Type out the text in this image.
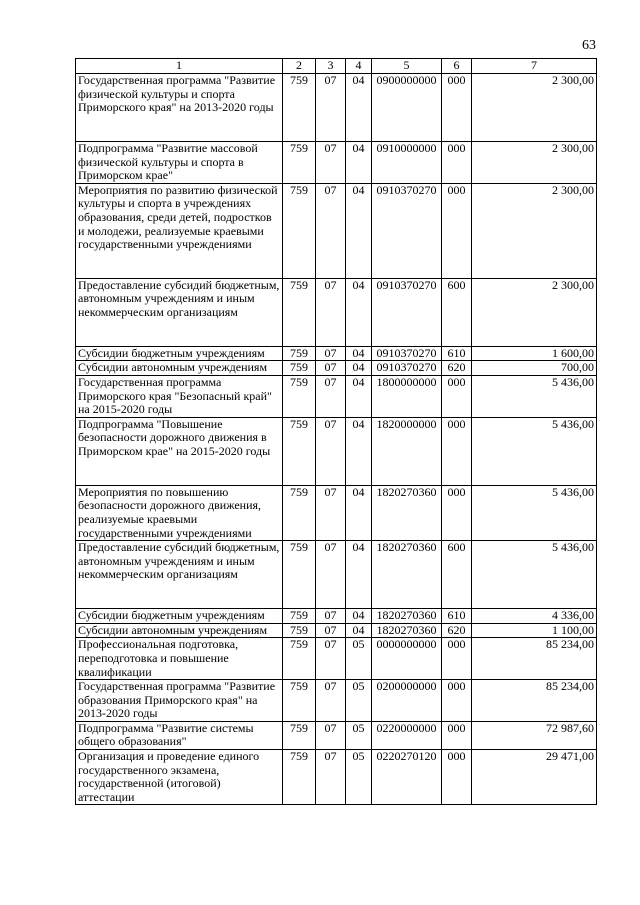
63
1	2	3	4	5	6	7
Государственная программа "Развитие физической культуры и спорта Приморского края" на 2013-2020 годы	759	07	04	0900000000	000	2 300,00
Подпрограмма "Развитие массовой физической культуры и спорта в Приморском крае"	759	07	04	0910000000	000	2 300,00
Мероприятия по развитию физической культуры и спорта в учреждениях образования, среди детей, подростков и молодежи, реализуемые краевыми государственными учреждениями	759	07	04	0910370270	000	2 300,00
Предоставление субсидий бюджетным, автономным учреждениям и иным некоммерческим организациям	759	07	04	0910370270	600	2 300,00
Субсидии бюджетным учреждениям	759	07	04	0910370270	610	1 600,00
Субсидии автономным учреждениям	759	07	04	0910370270	620	700,00
Государственная программа Приморского края "Безопасный край" на 2015-2020 годы	759	07	04	1800000000	000	5 436,00
Подпрограмма "Повышение безопасности дорожного движения в Приморском крае" на 2015-2020 годы	759	07	04	1820000000	000	5 436,00
Мероприятия по повышению безопасности дорожного движения, реализуемые краевыми государственными учреждениями	759	07	04	1820270360	000	5 436,00
Предоставление субсидий бюджетным, автономным учреждениям и иным некоммерческим организациям	759	07	04	1820270360	600	5 436,00
Субсидии бюджетным учреждениям	759	07	04	1820270360	610	4 336,00
Субсидии автономным учреждениям	759	07	04	1820270360	620	1 100,00
Профессиональная подготовка, переподготовка и повышение квалификации	759	07	05	0000000000	000	85 234,00
Государственная программа "Развитие образования Приморского края" на 2013-2020 годы	759	07	05	0200000000	000	85 234,00
Подпрограмма "Развитие системы общего образования"	759	07	05	0220000000	000	72 987,60
Организация и проведение единого государственного экзамена, государственной (итоговой) аттестации	759	07	05	0220270120	000	29 471,00
